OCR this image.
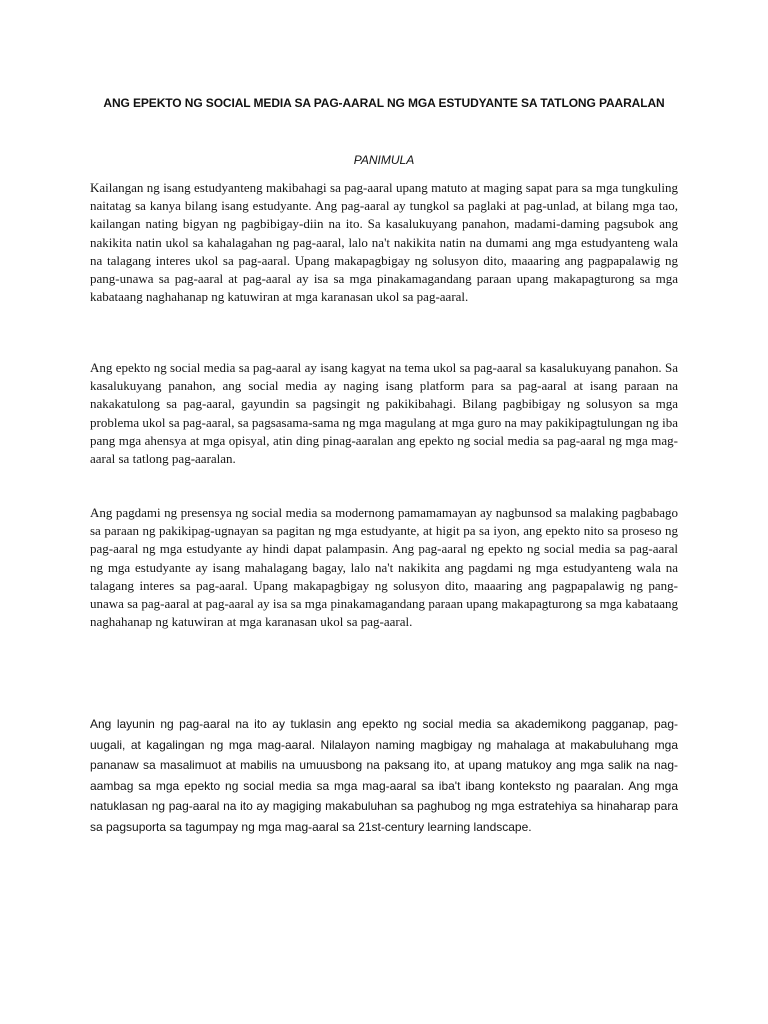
ANG EPEKTO NG SOCIAL MEDIA SA PAG-AARAL NG MGA ESTUDYANTE SA TATLONG PAARALAN
PANIMULA

Kailangan ng isang estudyanteng makibahagi sa pag-aaral upang matuto at maging sapat para sa mga tungkuling naitatag sa kanya bilang isang estudyante. Ang pag-aaral ay tungkol sa paglaki at pag-unlad, at bilang mga tao, kailangan nating bigyan ng pagbibigay-diin na ito. Sa kasalukuyang panahon, madami-daming pagsubok ang nakikita natin ukol sa kahalagahan ng pag-aaral, lalo na't nakikita natin na dumami ang mga estudyanteng wala na talagang interes ukol sa pag-aaral. Upang makapagbigay ng solusyon dito, maaaring ang pagpapalawig ng pang-unawa sa pag-aaral at pag-aaral ay isa sa mga pinakamagandang paraan upang makapagturong sa mga kabataang naghahanap ng katuwiran at mga karanasan ukol sa pag-aaral.

Ang epekto ng social media sa pag-aaral ay isang kagyat na tema ukol sa pag-aaral sa kasalukuyang panahon. Sa kasalukuyang panahon, ang social media ay naging isang platform para sa pag-aaral at isang paraan na nakakatulong sa pag-aaral, gayundin sa pagsingit ng pakikibahagi. Bilang pagbibigay ng solusyon sa mga problema ukol sa pag-aaral, sa pagsasama-sama ng mga magulang at mga guro na may pakikipagtulungan ng iba pang mga ahensya at mga opisyal, atin ding pinag-aaralan ang epekto ng social media sa pag-aaral ng mga mag-aaral sa tatlong pag-aaralan.

Ang pagdami ng presensya ng social media sa modernong pamamamayan ay nagbunsod sa malaking pagbabago sa paraan ng pakikipag-ugnayan sa pagitan ng mga estudyante, at higit pa sa iyon, ang epekto nito sa proseso ng pag-aaral ng mga estudyante ay hindi dapat palampasin. Ang pag-aaral ng epekto ng social media sa pag-aaral ng mga estudyante ay isang mahalagang bagay, lalo na't nakikita ang pagdami ng mga estudyanteng wala na talagang interes sa pag-aaral. Upang makapagbigay ng solusyon dito, maaaring ang pagpapalawig ng pang-unawa sa pag-aaral at pag-aaral ay isa sa mga pinakamagandang paraan upang makapagturong sa mga kabataang naghahanap ng katuwiran at mga karanasan ukol sa pag-aaral.

Ang layunin ng pag-aaral na ito ay tuklasin ang epekto ng social media sa akademikong pagganap, pag-uugali, at kagalingan ng mga mag-aaral. Nilalayon naming magbigay ng mahalaga at makabuluhang mga pananaw sa masalimuot at mabilis na umuusbong na paksang ito, at upang matukoy ang mga salik na nag-aambag sa mga epekto ng social media sa mga mag-aaral sa iba't ibang konteksto ng paaralan. Ang mga natuklasan ng pag-aaral na ito ay magiging makabuluhan sa paghubog ng mga estratehiya sa hinaharap para sa pagsuporta sa tagumpay ng mga mag-aaral sa 21st-century learning landscape.
